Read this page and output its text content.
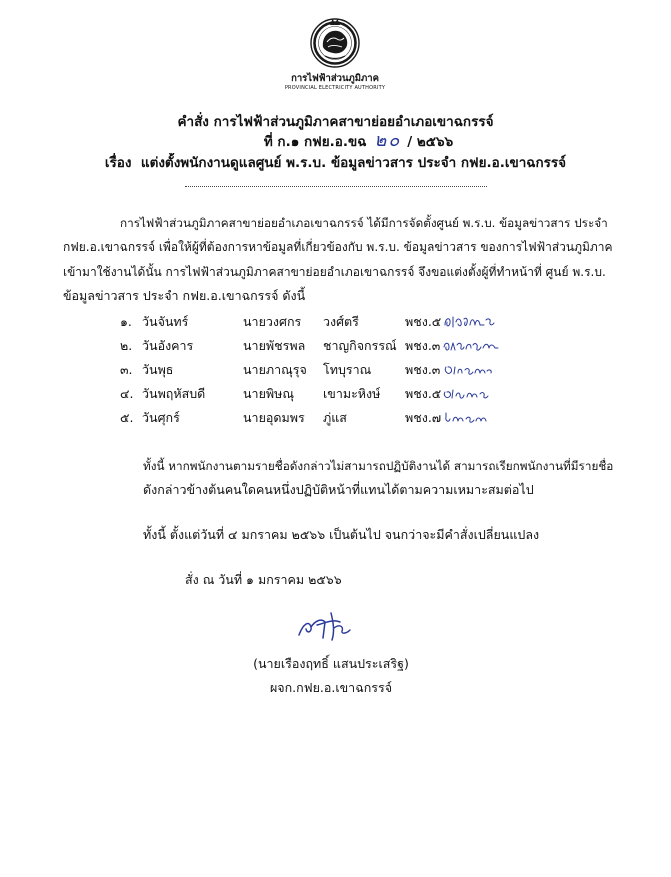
การไฟฟ้าส่วนภูมิภาค
PROVINCIAL ELECTRICITY AUTHORITY
คำสั่ง การไฟฟ้าส่วนภูมิภาคสาขาย่อยอำเภอเขาฉกรรจ์
ที่ ก.๑ กฟย.อ.ขฉ ๒๐ / ๒๕๖๖
เรื่อง แต่งตั้งพนักงานดูแลศูนย์ พ.ร.บ. ข้อมูลข่าวสาร ประจำ กฟย.อ.เขาฉกรรจ์
การไฟฟ้าส่วนภูมิภาคสาขาย่อยอำเภอเขาฉกรรจ์ ได้มีการจัดตั้งศูนย์ พ.ร.บ. ข้อมูลข่าวสาร ประจำ
กฟย.อ.เขาฉกรรจ์ เพื่อให้ผู้ที่ต้องการหาข้อมูลที่เกี่ยวข้องกับ พ.ร.บ. ข้อมูลข่าวสาร ของการไฟฟ้าส่วนภูมิภาค
เข้ามาใช้งานได้นั้น การไฟฟ้าส่วนภูมิภาคสาขาย่อยอำเภอเขาฉกรรจ์ จึงขอแต่งตั้งผู้ที่ทำหน้าที่ ศูนย์ พ.ร.บ.
ข้อมูลข่าวสาร ประจำ กฟย.อ.เขาฉกรรจ์ ดังนี้
๑. วันจันทร์	นายวงศกร	วงศ์ตรี	พชง.๕
๒. วันอังคาร	นายพัชรพล	ชาญกิจกรรณ์ พชง.๓
๓. วันพุธ	นายภาณุรุจ	โทบุราณ	พชง.๓
๔. วันพฤหัสบดี	นายพิษณุ	เขามะหิงษ์	พชง.๕
๕. วันศุกร์	นายอุดมพร	ภู่แส	พชง.๗
ทั้งนี้ หากพนักงานตามรายชื่อดังกล่าวไม่สามารถปฏิบัติงานได้ สามารถเรียกพนักงานที่มีรายชื่อ
ดังกล่าวข้างต้นคนใดคนหนึ่งปฏิบัติหน้าที่แทนได้ตามความเหมาะสมต่อไป
ทั้งนี้ ตั้งแต่วันที่ ๔ มกราคม ๒๕๖๖ เป็นต้นไป จนกว่าจะมีคำสั่งเปลี่ยนแปลง
สั่ง ณ วันที่ ๑ มกราคม ๒๕๖๖
(นายเรืองฤทธิ์ แสนประเสริฐ)
ผจก.กฟย.อ.เขาฉกรรจ์
